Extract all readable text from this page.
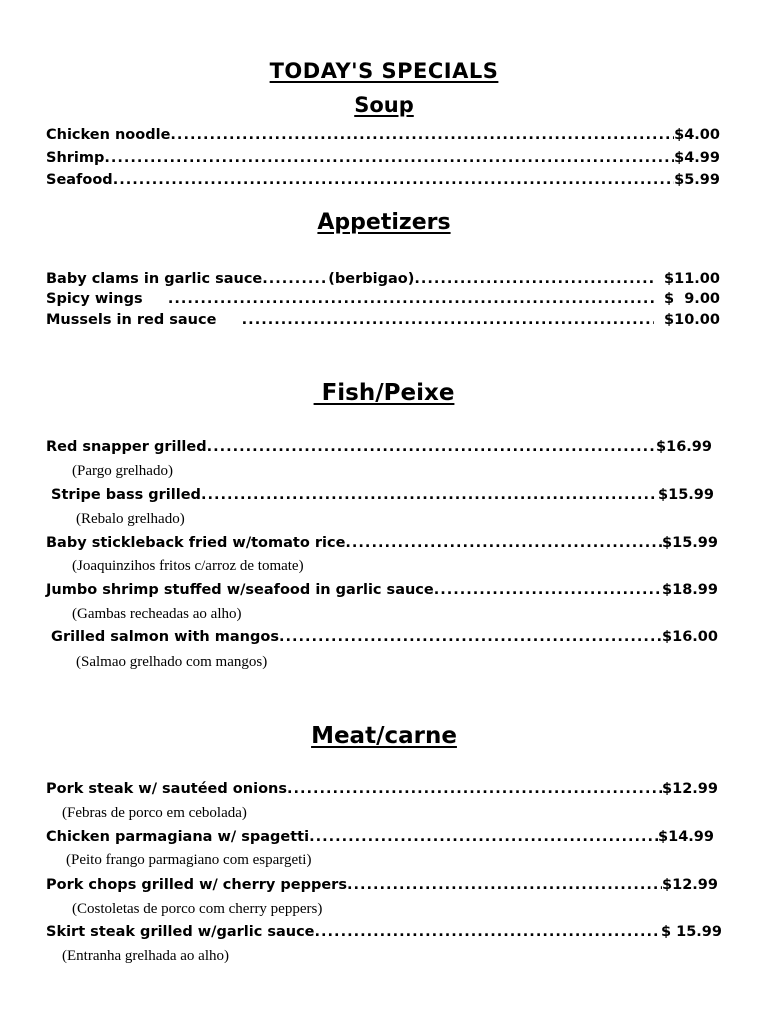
TODAY'S SPECIALS
Soup
Chicken noodle .....	$4.00
Shrimp .....	$4.99
Seafood .....	$5.99
Appetizers
Baby clams in garlic sauce .....	(berbigao) .....	$11.00
Spicy wings .....	$  9.00
Mussels in red sauce .....	$10.00
Fish/Peixe
Red snapper grilled .....	$16.99
(Pargo grelhado)
Stripe bass grilled .....	$15.99
(Rebalo grelhado)
Baby stickleback fried w/tomato rice .....	$15.99
(Joaquinzihos fritos c/arroz de tomate)
Jumbo shrimp stuffed w/seafood in garlic sauce .....	$18.99
(Gambas recheadas ao alho)
Grilled salmon with mangos .....	$16.00
(Salmao grelhado com mangos)
Meat/carne
Pork steak w/ sautéed onions .....	$12.99
(Febras de porco em cebolada)
Chicken parmagiana w/ spagetti .....	$14.99
(Peito frango parmagiano com espargeti)
Pork chops grilled w/ cherry peppers .....	$12.99
(Costoletas de porco com cherry peppers)
Skirt steak grilled w/garlic sauce .....	$ 15.99
(Entranha grelhada ao alho)
